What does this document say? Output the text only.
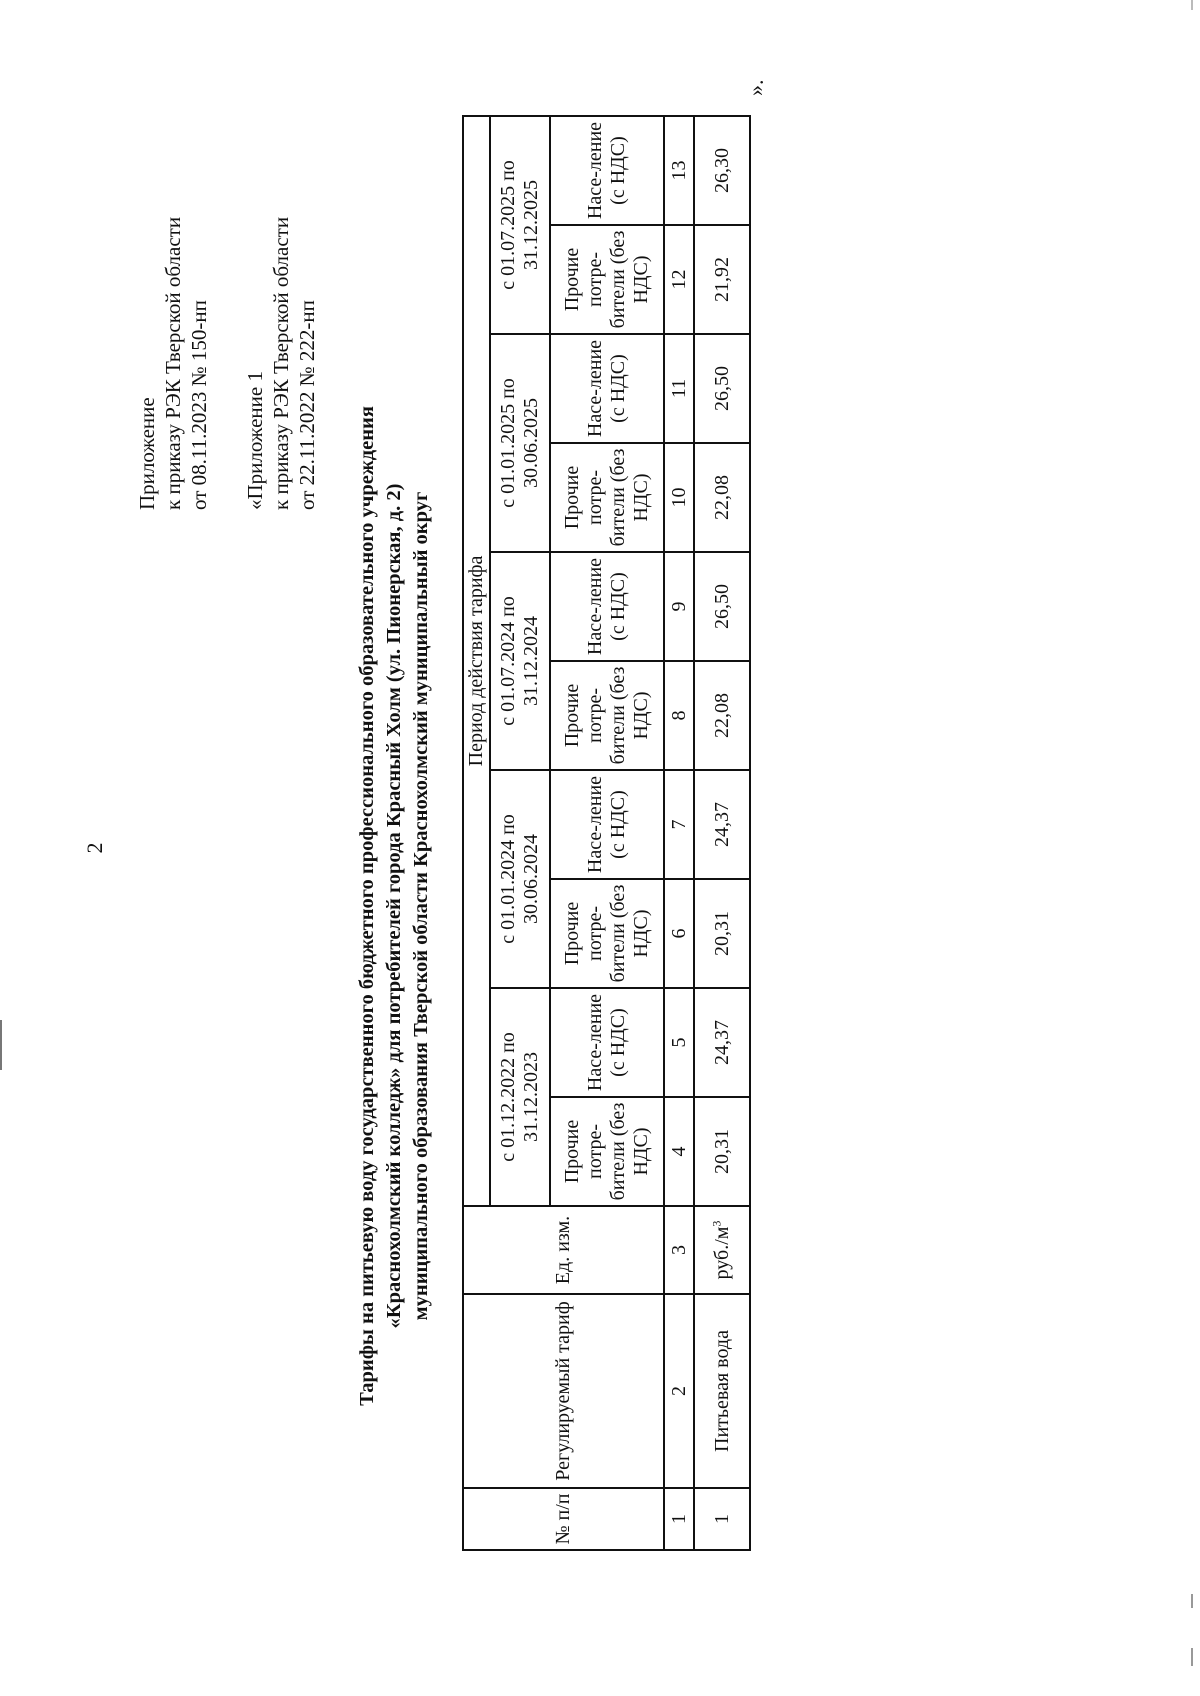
2
Приложение к приказу РЭК Тверской области от 08.11.2023 № 150-нп «Приложение 1 к приказу РЭК Тверской области от 22.11.2022 № 222-нп
Тарифы на питьевую воду государственного бюджетного профессионального образовательного учреждения «Краснохолмский колледж» для потребителей города Красный Холм (ул. Пионерская, д. 2) муниципального образования Тверской области Краснохолмский муниципальный округ
№ п/п	Регулируемый тариф	Ед. изм.	Период действия тарифа									
			с 01.12.2022 по 31.12.2023		с 01.01.2024 по 30.06.2024		с 01.07.2024 по 31.12.2024		с 01.01.2025 по 30.06.2025		с 01.07.2025 по 31.12.2025	
			Прочие потре-бители (без НДС)	Насе-ление (с НДС)	Прочие потре-бители (без НДС)	Насе-ление (с НДС)	Прочие потре-бители (без НДС)	Насе-ление (с НДС)	Прочие потре-бители (без НДС)	Насе-ление (с НДС)	Прочие потре-бители (без НДС)	Насе-ление (с НДС)
1	2	3	4	5	6	7	8	9	10	11	12	13
1	Питьевая вода	$руб./м^3$	20,31	24,37	20,31	24,37	22,08	26,50	22,08	26,50	21,92	26,30
».
